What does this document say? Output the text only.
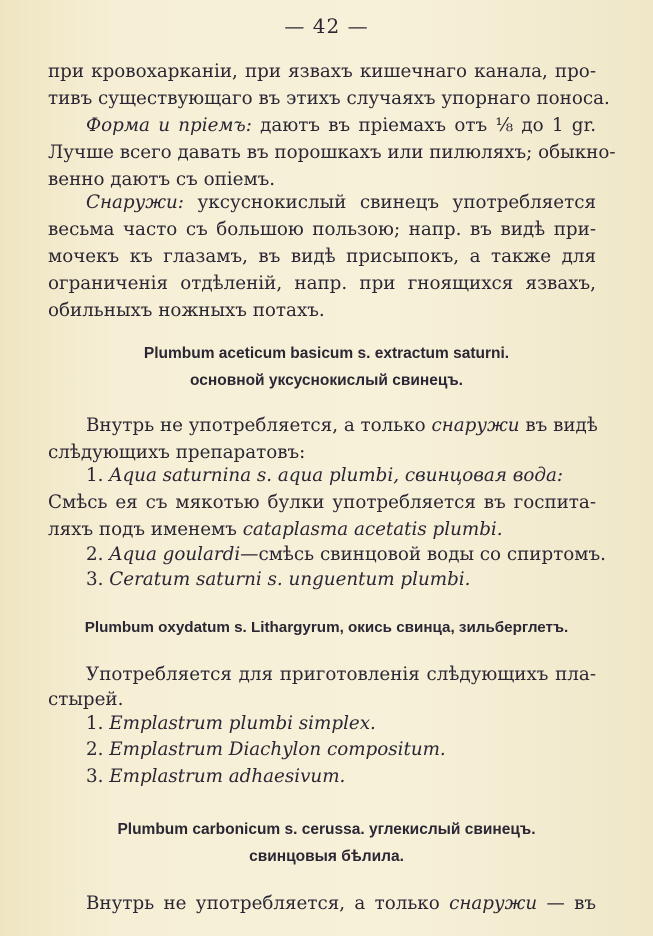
— 42 —
при кровохарканіи, при язвахъ кишечнаго канала, про-
тивъ существующаго въ этихъ случаяхъ упорнаго поноса.
Форма и пріемъ: даютъ въ пріемахъ отъ ⅛ до 1 gr.
Лучше всего давать въ порошкахъ или пилюляхъ; обыкно-
венно даютъ съ опіемъ.
Снаружи: уксуснокислый свинецъ употребляется
весьма часто съ большою пользою; напр. въ видѣ при-
мочекъ къ глазамъ, въ видѣ присыпокъ, а также для
ограниченія отдѣленій, напр. при гноящихся язвахъ,
обильныхъ ножныхъ потахъ.
Plumbum aceticum basicum s. extractum saturni.
основной уксуснокислый свинецъ.
Внутрь не употребляется, а только снаружи въ видѣ
слѣдующихъ препаратовъ:
1. Aqua saturnina s. aqua plumbi, свинцовая вода:
Смѣсь ея съ мякотью булки употребляется въ госпита-
ляхъ подъ именемъ cataplasma acetatis plumbi.
2. Aqua goulardi—смѣсь свинцовой воды со спиртомъ.
3. Ceratum saturni s. unguentum plumbi.
Plumbum oxydatum s. Lithargyrum, окись свинца, зильберглетъ.
Употребляется для приготовленія слѣдующихъ пла-
стырей.
1. Emplastrum plumbi simplex.
2. Emplastrum Diachylon compositum.
3. Emplastrum adhaesivum.
Plumbum carbonicum s. cerussa. углекислый свинецъ.
свинцовыя бѣлила.
Внутрь не употребляется, а только снаружи — въ
